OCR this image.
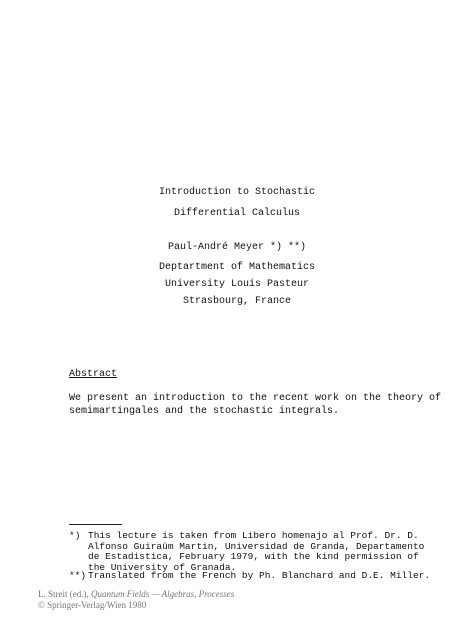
Introduction to Stochastic
Differential Calculus
Paul-André Meyer *) **)
Deptartment of Mathematics
University Louis Pasteur
Strasbourg, France
Abstract
We present an introduction to the recent work on the theory of
semimartingales and the stochastic integrals.
*) This lecture is taken from Libero homenajo al Prof. Dr. D.
Alfonso Guiraûm Martin, Universidad de Granda, Departamento
de Estadistica, February 1979, with the kind permission of
the University of Granada.
**) Translated from the French by Ph. Blanchard and D.E. Miller.
L. Streit (ed.), Quantum Fields — Algebras, Processes
© Springer-Verlag/Wien 1980
